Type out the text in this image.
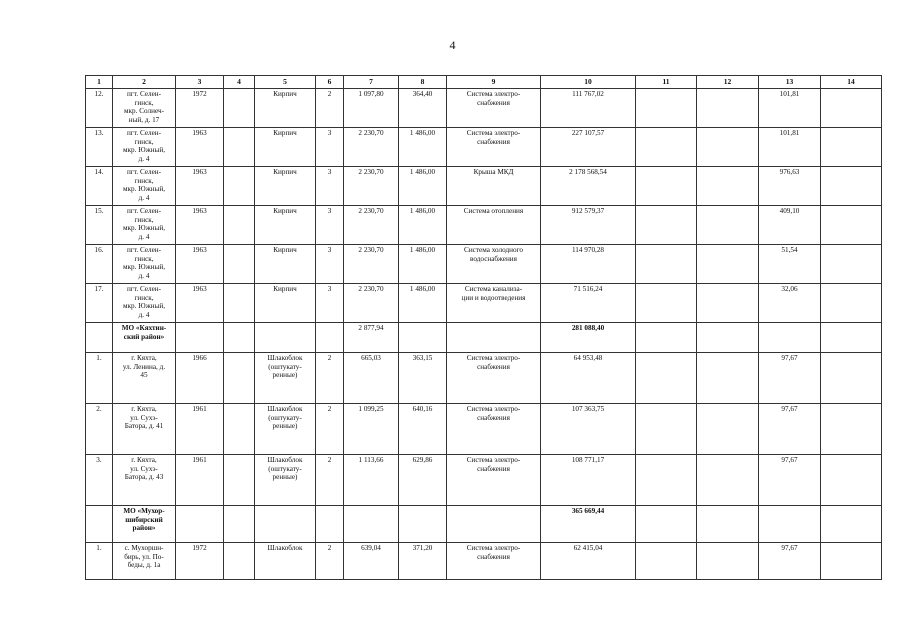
4
1	2	3	4	5	6	7	8	9	10	11	12	13	14
12.	пгт. Селен-
гинск,
мкр. Солнеч-
ный, д. 17	1972		Кирпич	2	1 097,80	364,40	Система электро-
снабжения	111 767,02			101,81	
13.	пгт. Селен-
гинск,
мкр. Южный,
д. 4	1963		Кирпич	3	2 230,70	1 486,00	Система электро-
снабжения	227 107,57			101,81	
14.	пгт. Селен-
гинск,
мкр. Южный,
д. 4	1963		Кирпич	3	2 230,70	1 486,00	Крыша МКД	2 178 568,54			976,63	
15.	пгт. Селен-
гинск,
мкр. Южный,
д. 4	1963		Кирпич	3	2 230,70	1 486,00	Система отопления	912 579,37			409,10	
16.	пгт. Селен-
гинск,
мкр. Южный,
д. 4	1963		Кирпич	3	2 230,70	1 486,00	Система холодного
водоснабжения	114 970,28			51,54	
17.	пгт. Селен-
гинск,
мкр. Южный,
д. 4	1963		Кирпич	3	2 230,70	1 486,00	Система канализа-
ции и водоотведения	71 516,24			32,06	
	МО «Кяхтин-
ский район»					2 877,94			281 088,40				
1.	г. Кяхта,
ул. Ленина, д.
45	1966		Шлакоблок
(оштукату-
ренные)	2	665,03	363,15	Система электро-
снабжения	64 953,48			97,67	
2.	г. Кяхта,
ул. Сухэ-
Батора, д. 41	1961		Шлакоблок
(оштукату-
ренные)	2	1 099,25	640,16	Система электро-
снабжения	107 363,75			97,67	
3.	г. Кяхта,
ул. Сухэ-
Батора, д. 43	1961		Шлакоблок
(оштукату-
ренные)	2	1 113,66	629,86	Система электро-
снабжения	108 771,17			97,67	
	МО «Мухор-
шибирский
район»								365 669,44				
1.	с. Мухоршн-
бирь, ул. По-
беды, д. 1а	1972		Шлакоблок	2	639,04	371,20	Система электро-
снабжения	62 415,04			97,67	
